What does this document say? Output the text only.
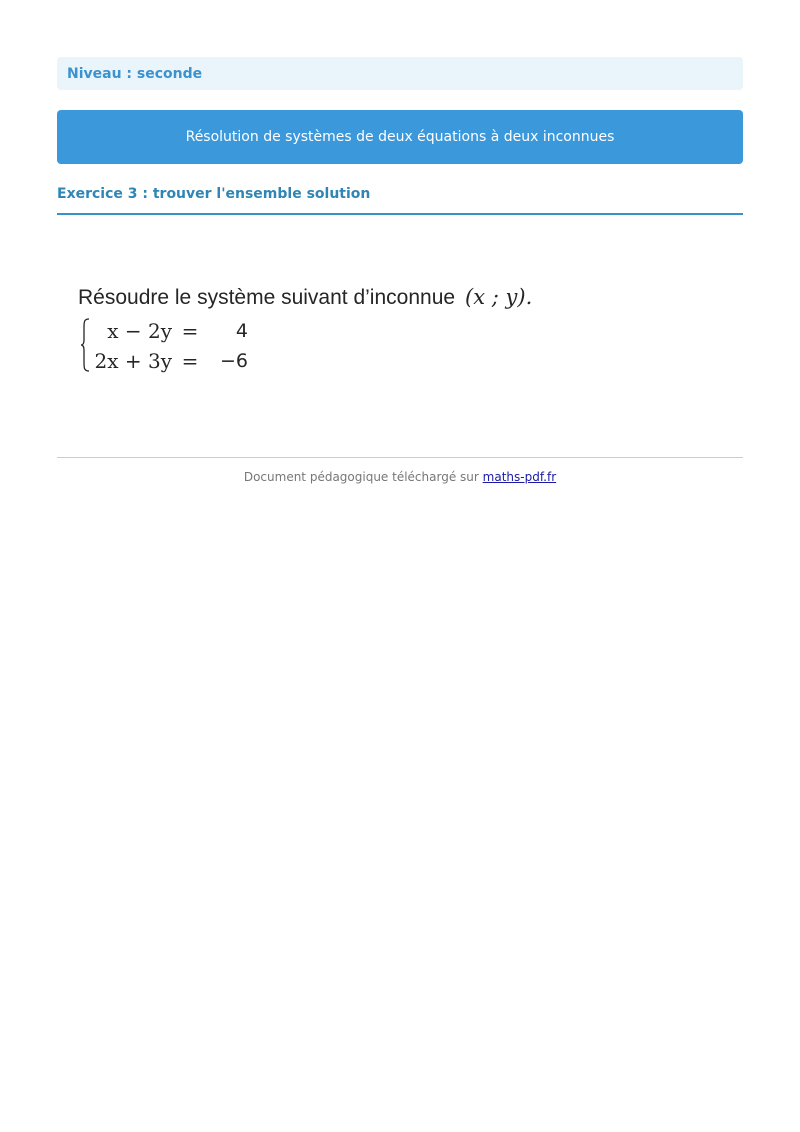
Niveau : seconde
Résolution de systèmes de deux équations à deux inconnues
Exercice 3 : trouver l'ensemble solution
Résoudre le système suivant d’inconnue (x ; y).
x − 2y =	4
2x + 3y =	−6
Document pédagogique téléchargé sur maths-pdf.fr
